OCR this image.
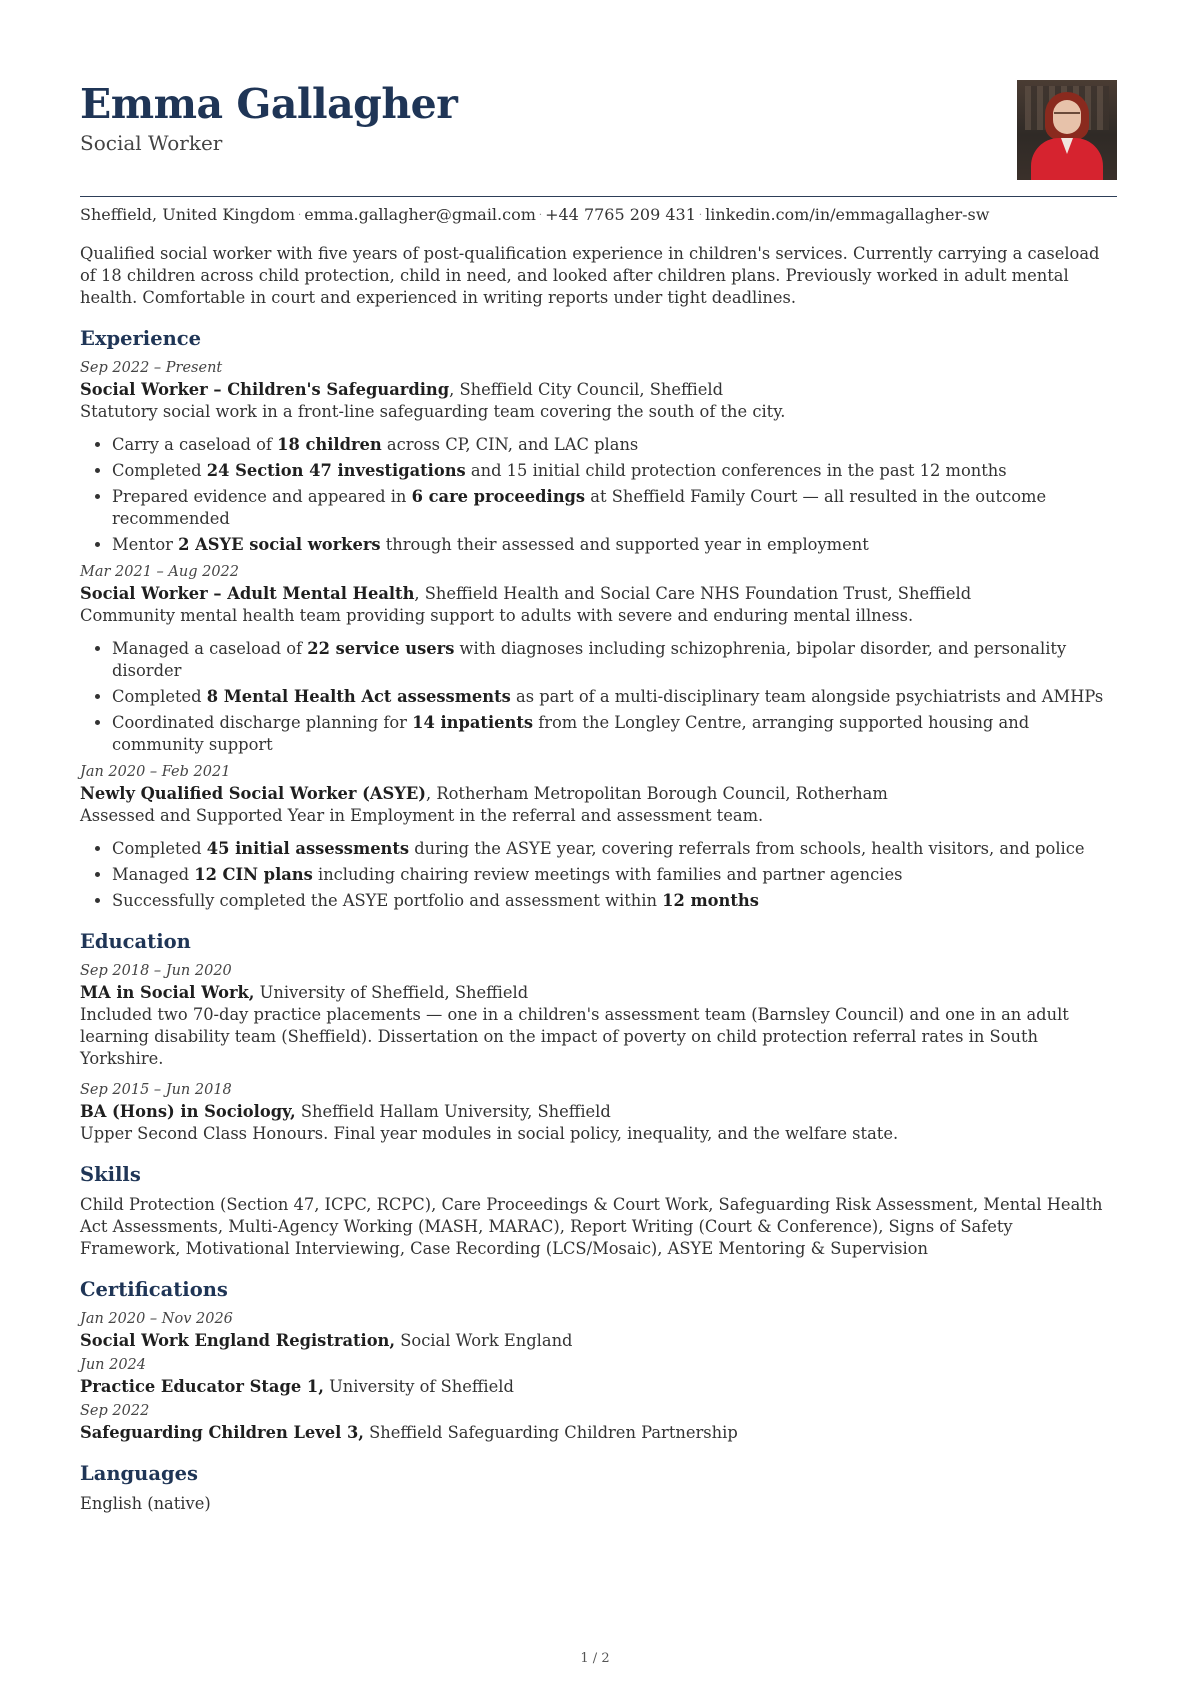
Emma Gallagher
Social Worker
Sheffield, United Kingdom · emma.gallagher@gmail.com · +44 7765 209 431 · linkedin.com/in/emmagallagher-sw
Qualified social worker with five years of post-qualification experience in children's services. Currently carrying a caseload of 18 children across child protection, child in need, and looked after children plans. Previously worked in adult mental health. Comfortable in court and experienced in writing reports under tight deadlines.
Experience
Sep 2022 – Present
Social Worker – Children's Safeguarding, Sheffield City Council, Sheffield
Statutory social work in a front-line safeguarding team covering the south of the city.
• Carry a caseload of 18 children across CP, CIN, and LAC plans
• Completed 24 Section 47 investigations and 15 initial child protection conferences in the past 12 months
• Prepared evidence and appeared in 6 care proceedings at Sheffield Family Court — all resulted in the outcome recommended
• Mentor 2 ASYE social workers through their assessed and supported year in employment
Mar 2021 – Aug 2022
Social Worker – Adult Mental Health, Sheffield Health and Social Care NHS Foundation Trust, Sheffield
Community mental health team providing support to adults with severe and enduring mental illness.
• Managed a caseload of 22 service users with diagnoses including schizophrenia, bipolar disorder, and personality disorder
• Completed 8 Mental Health Act assessments as part of a multi-disciplinary team alongside psychiatrists and AMHPs
• Coordinated discharge planning for 14 inpatients from the Longley Centre, arranging supported housing and community support
Jan 2020 – Feb 2021
Newly Qualified Social Worker (ASYE), Rotherham Metropolitan Borough Council, Rotherham
Assessed and Supported Year in Employment in the referral and assessment team.
• Completed 45 initial assessments during the ASYE year, covering referrals from schools, health visitors, and police
• Managed 12 CIN plans including chairing review meetings with families and partner agencies
• Successfully completed the ASYE portfolio and assessment within 12 months
Education
Sep 2018 – Jun 2020
MA in Social Work, University of Sheffield, Sheffield
Included two 70-day practice placements — one in a children's assessment team (Barnsley Council) and one in an adult learning disability team (Sheffield). Dissertation on the impact of poverty on child protection referral rates in South Yorkshire.
Sep 2015 – Jun 2018
BA (Hons) in Sociology, Sheffield Hallam University, Sheffield
Upper Second Class Honours. Final year modules in social policy, inequality, and the welfare state.
Skills
Child Protection (Section 47, ICPC, RCPC), Care Proceedings & Court Work, Safeguarding Risk Assessment, Mental Health Act Assessments, Multi-Agency Working (MASH, MARAC), Report Writing (Court & Conference), Signs of Safety Framework, Motivational Interviewing, Case Recording (LCS/Mosaic), ASYE Mentoring & Supervision
Certifications
Jan 2020 – Nov 2026
Social Work England Registration, Social Work England
Jun 2024
Practice Educator Stage 1, University of Sheffield
Sep 2022
Safeguarding Children Level 3, Sheffield Safeguarding Children Partnership
Languages
English (native)
1 / 2
